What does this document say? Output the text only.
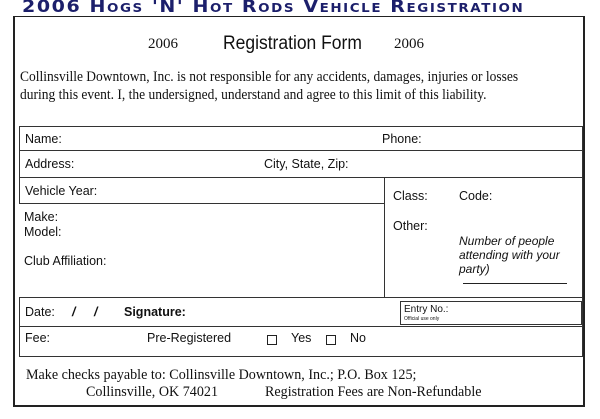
2006 Hogs 'N' Hot Rods Vehicle Registration
2006 Registration Form 2006
Collinsville Downtown, Inc. is not responsible for any accidents, damages, injuries or losses
during this event. I, the undersigned, understand and agree to this limit of this liability.
Name:	Phone:
Address:	City, State, Zip:
Vehicle Year:
Make:
Model:
Club Affiliation:
Class:	Code:
Other:
Number of people
attending with your
party)
Date: / / Signature:	Entry No.:
Official use only
Fee:	Pre-Registered	Yes	No
Make checks payable to: Collinsville Downtown, Inc.; P.O. Box 125;
Collinsville, OK 74021	Registration Fees are Non-Refundable
